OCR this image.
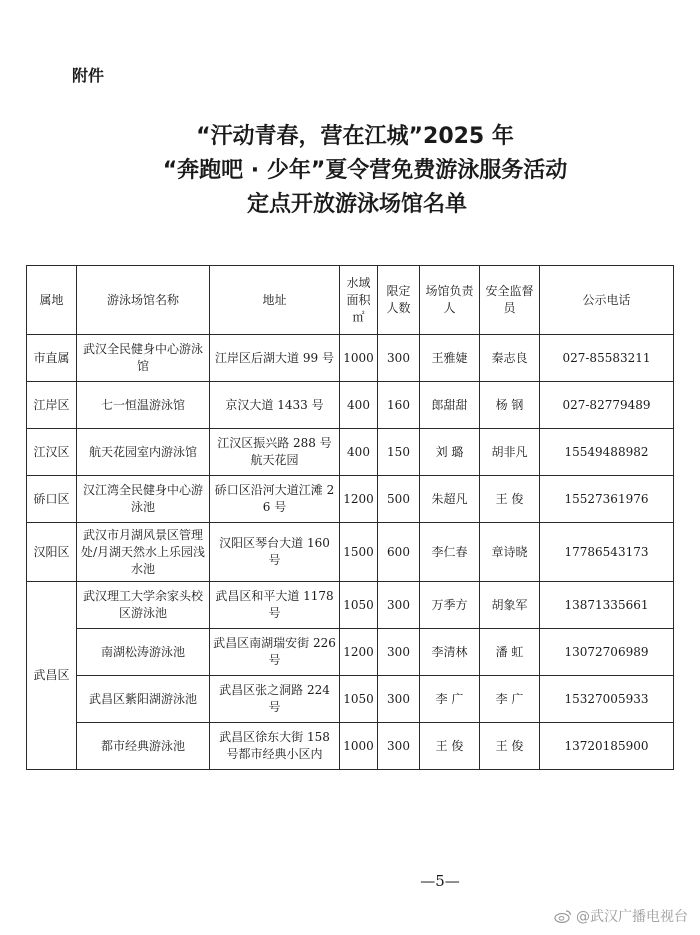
附件
“汗动青春，营在江城”2025 年
“奔跑吧 · 少年”夏令营免费游泳服务活动
定点开放游泳场馆名单
属地	游泳场馆名称	地址	水域面积㎡	限定人数	场馆负责人	安全监督员	公示电话
市直属	武汉全民健身中心游泳馆	江岸区后湖大道 99 号	1000	300	王雅婕	秦志良	027-85583211
江岸区	七一恒温游泳馆	京汉大道 1433 号	400	160	郎甜甜	杨 钢	027-82779489
江汉区	航天花园室内游泳馆	江汉区振兴路 288 号航天花园	400	150	刘 璐	胡非凡	15549488982
硚口区	汉江湾全民健身中心游泳池	硚口区沿河大道江滩 26 号	1200	500	朱超凡	王 俊	15527361976
汉阳区	武汉市月湖风景区管理处/月湖天然水上乐园浅水池	汉阳区琴台大道 160 号	1500	600	李仁春	章诗晓	17786543173
武昌区	武汉理工大学余家头校区游泳池	武昌区和平大道 1178 号	1050	300	万季方	胡象军	13871335661
	南湖松涛游泳池	武昌区南湖瑞安街 226 号	1200	300	李清林	潘 虹	13072706989
	武昌区紫阳湖游泳池	武昌区张之洞路 224 号	1050	300	李 广	李 广	15327005933
	都市经典游泳池	武昌区徐东大街 158 号都市经典小区内	1000	300	王 俊	王 俊	13720185900
—5—
@武汉广播电视台
